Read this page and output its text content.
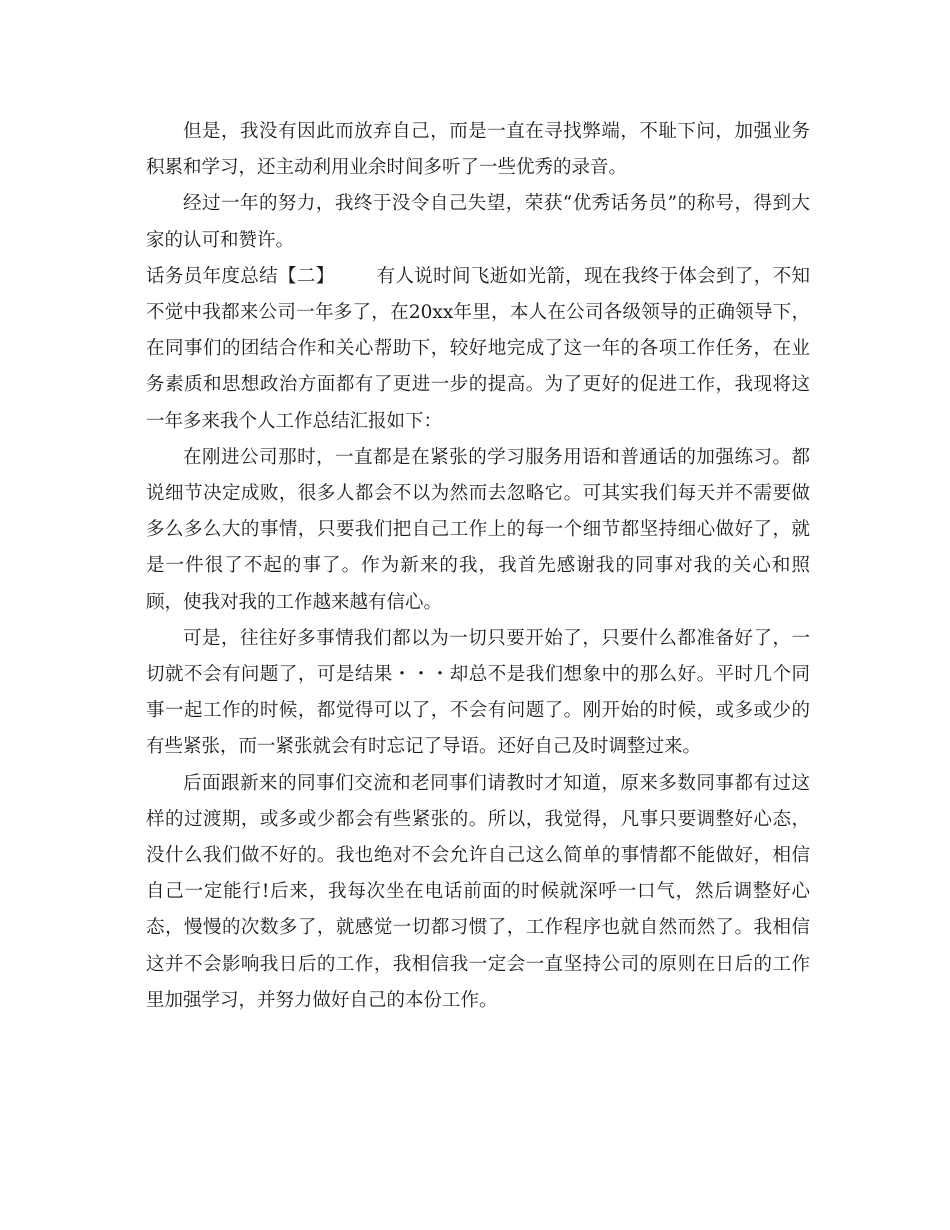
但是，我没有因此而放弃自己，而是一直在寻找弊端，不耻下问，加强业务积累和学习，还主动利用业余时间多听了一些优秀的录音。

经过一年的努力，我终于没令自己失望，荣获“优秀话务员”的称号，得到大家的认可和赞许。

话务员年度总结【二】 有人说时间飞逝如光箭，现在我终于体会到了，不知不觉中我都来公司一年多了，在20xx年里，本人在公司各级领导的正确领导下，在同事们的团结合作和关心帮助下，较好地完成了这一年的各项工作任务，在业务素质和思想政治方面都有了更进一步的提高。为了更好的促进工作，我现将这一年多来我个人工作总结汇报如下：

在刚进公司那时，一直都是在紧张的学习服务用语和普通话的加强练习。都说细节决定成败，很多人都会不以为然而去忽略它。可其实我们每天并不需要做多么多么大的事情，只要我们把自己工作上的每一个细节都坚持细心做好了，就是一件很了不起的事了。作为新来的我，我首先感谢我的同事对我的关心和照顾，使我对我的工作越来越有信心。

可是，往往好多事情我们都以为一切只要开始了，只要什么都准备好了，一切就不会有问题了，可是结果・・・却总不是我们想象中的那么好。平时几个同事一起工作的时候，都觉得可以了，不会有问题了。刚开始的时候，或多或少的有些紧张，而一紧张就会有时忘记了导语。还好自己及时调整过来。

后面跟新来的同事们交流和老同事们请教时才知道，原来多数同事都有过这样的过渡期，或多或少都会有些紧张的。所以，我觉得，凡事只要调整好心态，没什么我们做不好的。我也绝对不会允许自己这么简单的事情都不能做好，相信自己一定能行!后来，我每次坐在电话前面的时候就深呼一口气，然后调整好心态，慢慢的次数多了，就感觉一切都习惯了，工作程序也就自然而然了。我相信这并不会影响我日后的工作，我相信我一定会一直坚持公司的原则在日后的工作里加强学习，并努力做好自己的本份工作。
